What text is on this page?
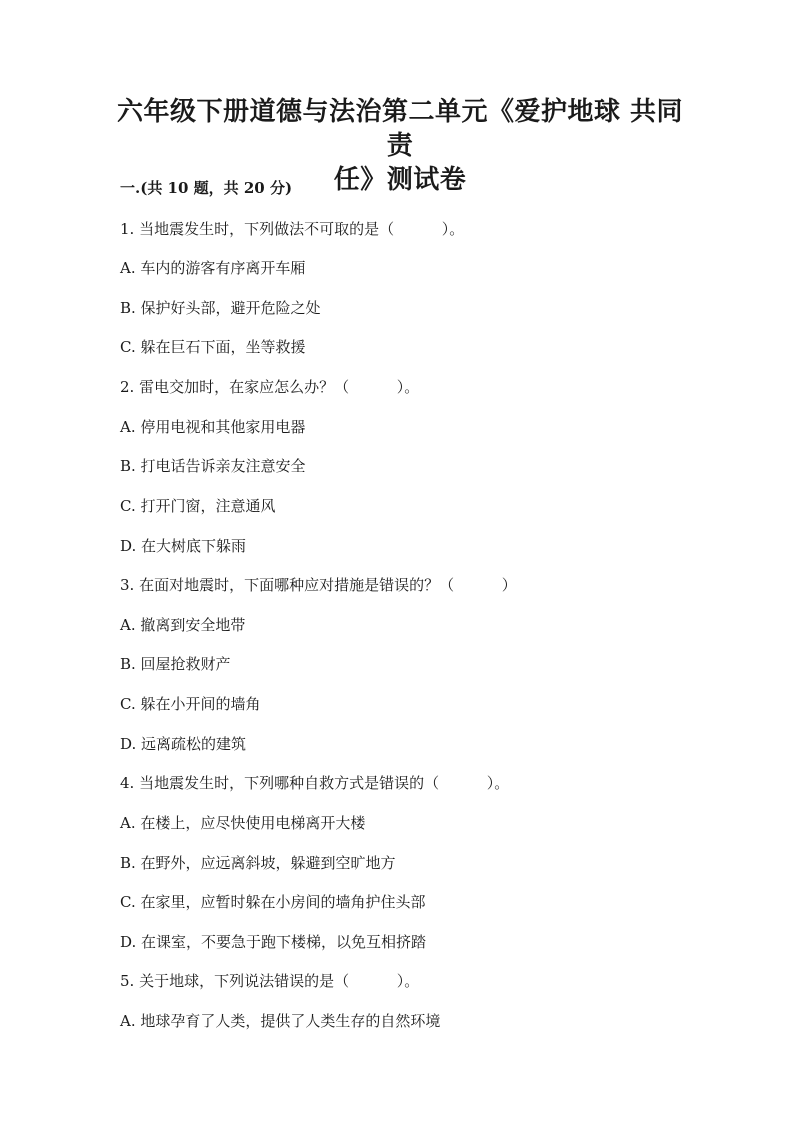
六年级下册道德与法治第二单元《爱护地球 共同责
任》测试卷
一.(共 10 题，共 20 分)
1. 当地震发生时，下列做法不可取的是（          ）。
A. 车内的游客有序离开车厢
B. 保护好头部，避开危险之处
C. 躲在巨石下面，坐等救援
2. 雷电交加时，在家应怎么办？（          ）。
A. 停用电视和其他家用电器
B. 打电话告诉亲友注意安全
C. 打开门窗，注意通风
D. 在大树底下躲雨
3. 在面对地震时，下面哪种应对措施是错误的？（          ）
A. 撤离到安全地带
B. 回屋抢救财产
C. 躲在小开间的墙角
D. 远离疏松的建筑
4. 当地震发生时，下列哪种自救方式是错误的（          ）。
A. 在楼上，应尽快使用电梯离开大楼
B. 在野外，应远离斜坡，躲避到空旷地方
C. 在家里，应暂时躲在小房间的墙角护住头部
D. 在课室，不要急于跑下楼梯，以免互相挤踏
5. 关于地球，下列说法错误的是（          ）。
A. 地球孕育了人类，提供了人类生存的自然环境
